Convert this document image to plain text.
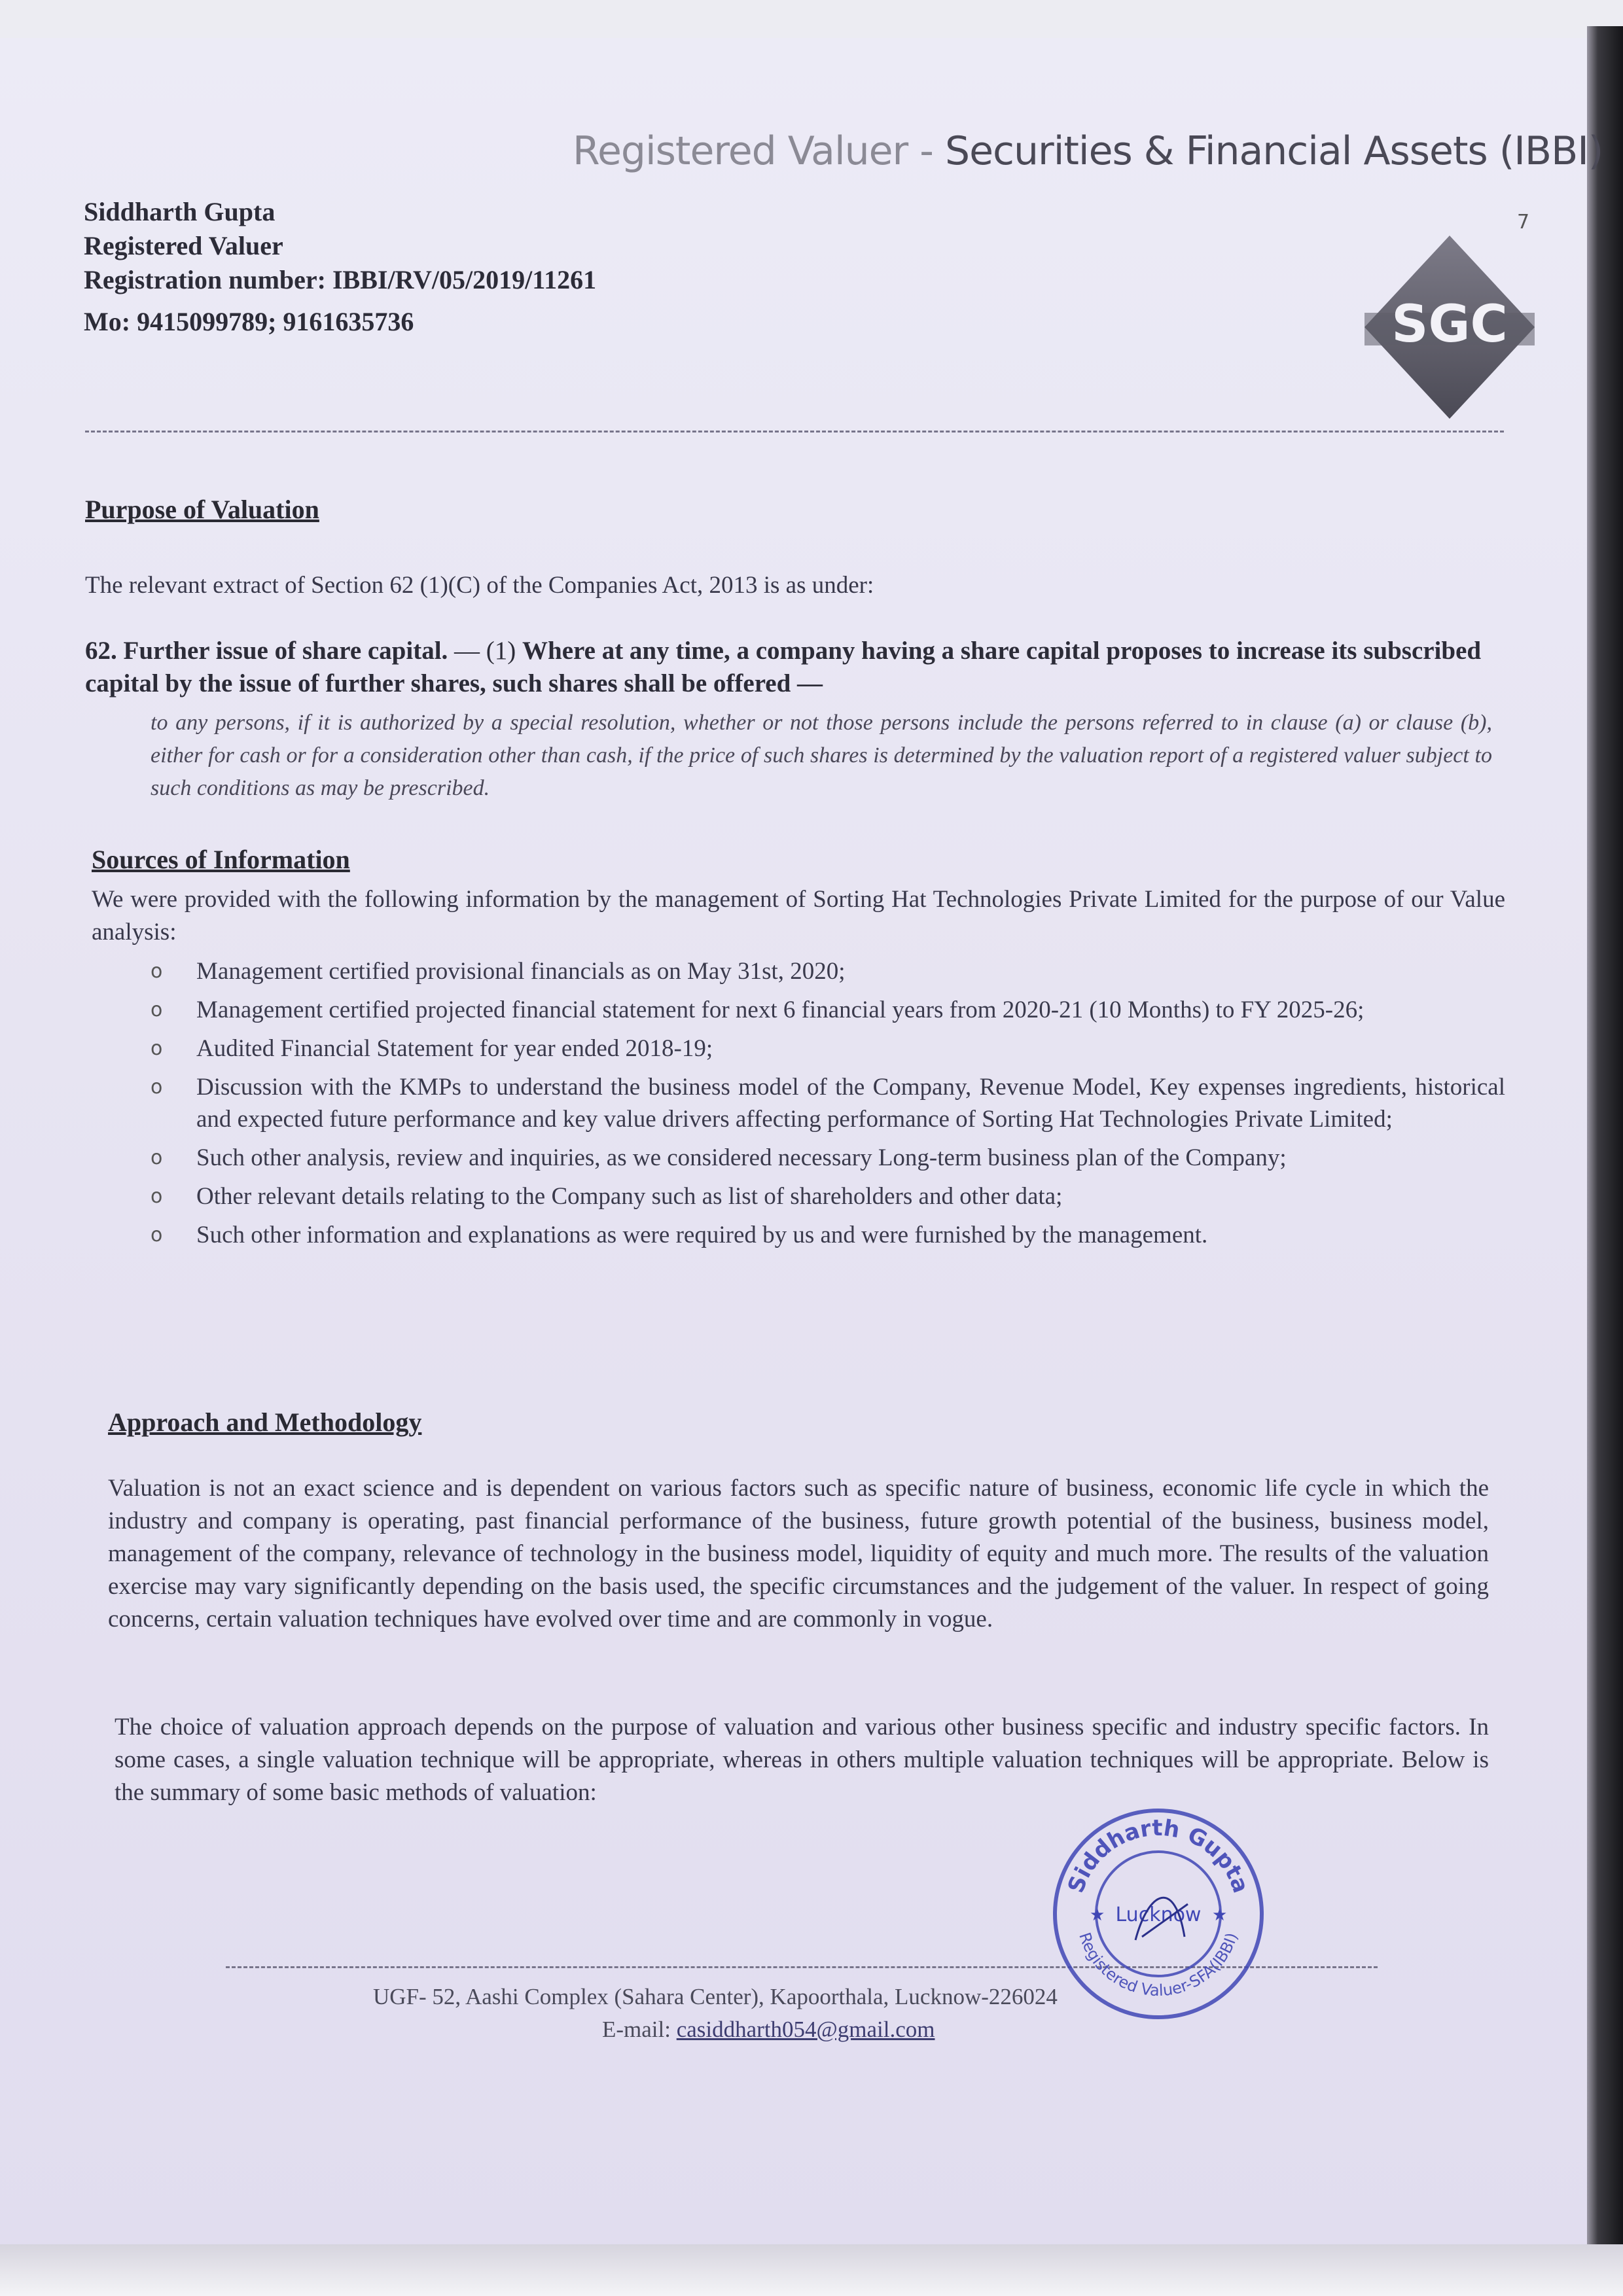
Registered Valuer - Securities & Financial Assets (IBBI)
Siddharth Gupta
Registered Valuer
Registration number: IBBI/RV/05/2019/11261
Mo: 9415099789; 9161635736
7
SGC
Purpose of Valuation
The relevant extract of Section 62 (1)(C) of the Companies Act, 2013 is as under:
62. Further issue of share capital. — (1) Where at any time, a company having a share capital proposes to increase its subscribed capital by the issue of further shares, such shares shall be offered —
to any persons, if it is authorized by a special resolution, whether or not those persons include the persons referred to in clause (a) or clause (b), either for cash or for a consideration other than cash, if the price of such shares is determined by the valuation report of a registered valuer subject to such conditions as may be prescribed.
Sources of Information
We were provided with the following information by the management of Sorting Hat Technologies Private Limited for the purpose of our Value analysis:
o Management certified provisional financials as on May 31st, 2020;
o Management certified projected financial statement for next 6 financial years from 2020-21 (10 Months) to FY 2025-26;
o Audited Financial Statement for year ended 2018-19;
o Discussion with the KMPs to understand the business model of the Company, Revenue Model, Key expenses ingredients, historical and expected future performance and key value drivers affecting performance of Sorting Hat Technologies Private Limited;
o Such other analysis, review and inquiries, as we considered necessary Long-term business plan of the Company;
o Other relevant details relating to the Company such as list of shareholders and other data;
o Such other information and explanations as were required by us and were furnished by the management.
Approach and Methodology
Valuation is not an exact science and is dependent on various factors such as specific nature of business, economic life cycle in which the industry and company is operating, past financial performance of the business, future growth potential of the business, business model, management of the company, relevance of technology in the business model, liquidity of equity and much more. The results of the valuation exercise may vary significantly depending on the basis used, the specific circumstances and the judgement of the valuer. In respect of going concerns, certain valuation techniques have evolved over time and are commonly in vogue.
The choice of valuation approach depends on the purpose of valuation and various other business specific and industry specific factors. In some cases, a single valuation technique will be appropriate, whereas in others multiple valuation techniques will be appropriate. Below is the summary of some basic methods of valuation:
UGF- 52, Aashi Complex (Sahara Center), Kapoorthala, Lucknow-226024
E-mail: casiddharth054@gmail.com
Siddharth Gupta
Registered Valuer-SFA(IBBI)
★	★
Lucknow
